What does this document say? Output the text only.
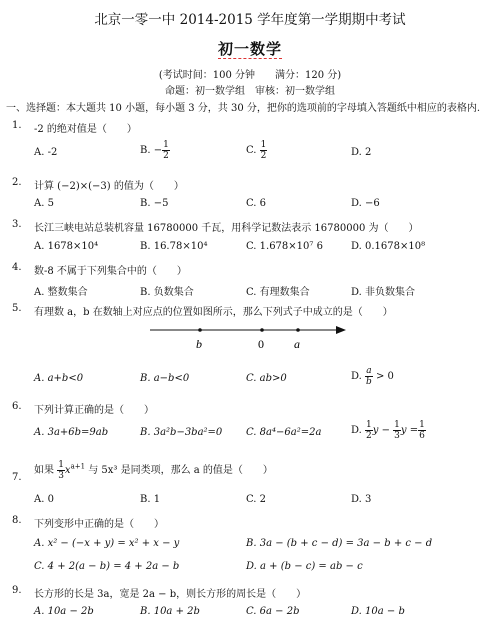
北京一零一中 2014-2015 学年度第一学期期中考试
初一数学
(考试时间：100 分钟　　满分：120 分)
命题：初一数学组　审核：初一数学组
一、选择题：本大题共 10 小题，每小题 3 分，共 30 分，把你的选项前的字母填入答题纸中相应的表格内.
1. -2 的绝对值是（　　）
A. -2	B. − $\frac{1}{2}$	C. $\frac{1}{2}$	D. 2
2. 计算 (−2)×(−3) 的值为（　　）
A. 5	B. −5	C. 6	D. −6
3. 长江三峡电站总装机容量 16780000 千瓦，用科学记数法表示 16780000 为（　　）
A. 1678×10⁴	B. 16.78×10⁴	C. 1.678×10⁷ 6	D. 0.1678×10⁸
4. 数-8 不属于下列集合中的（　　）
A. 整数集合	B. 负数集合	C. 有理数集合	D. 非负数集合
5. 有理数 a，b 在数轴上对应点的位置如图所示，那么下列式子中成立的是（　　）
b	0	a
A. a+b<0	B. a−b<0	C. ab>0	D. $\frac{a}{b} > 0$
6. 下列计算正确的是（　　）
A. 3a+6b=9ab	B. 3a²b−3ba²=0 C. 8a⁴−6a²=2a	D. $\frac{1}{2}$ $y - \frac{1}{3}$ $y = \frac{1}{6}$
7.
如果 $\frac{1}{3} x^{a+1}$ 与 5x³ 是同类项，那么 a 的值是（　　）
A. 0	B. 1	C. 2	D. 3
8. 下列变形中正确的是（　　）
A. x² − (−x + y) = x² + x − y	B. 3a − (b + c − d) = 3a − b + c − d
C. 4 + 2(a − b) = 4 + 2a − b	D. a + (b − c) = ab − c
9. 长方形的长是 3a，宽是 2a − b，则长方形的周长是（　　）
A. 10a − 2b	B. 10a + 2b	C. 6a − 2b	D. 10a − b
